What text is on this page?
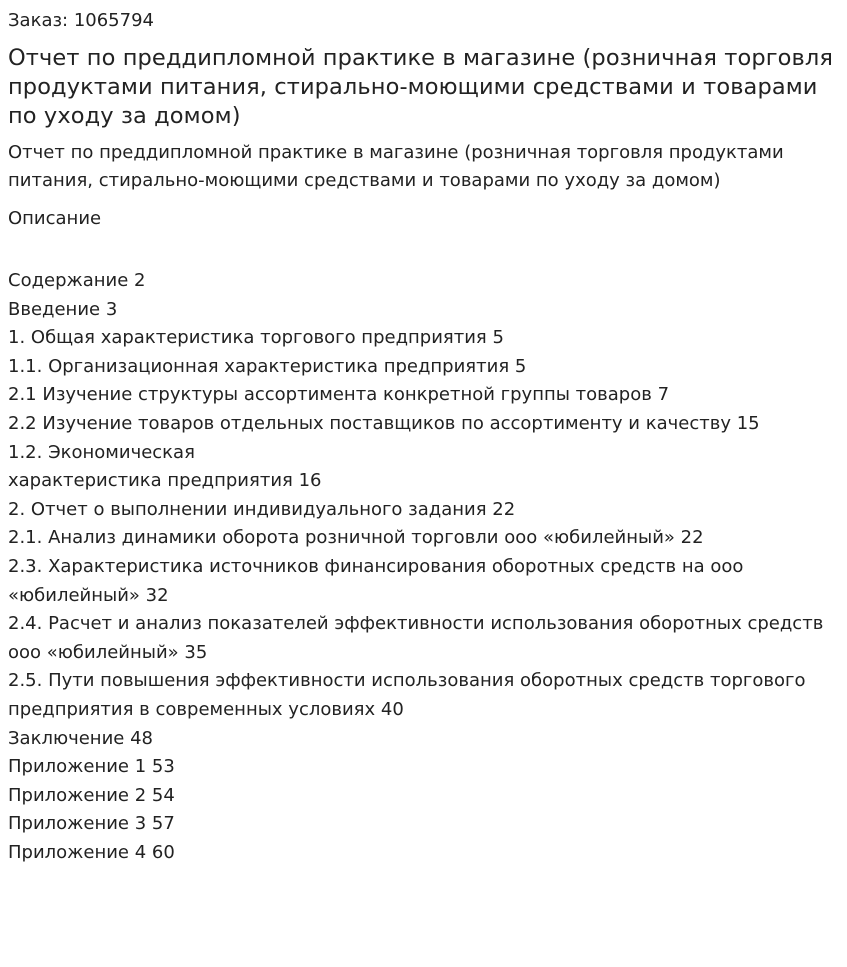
Заказ: 1065794
Отчет по преддипломной практике в магазине (розничная торговля продуктами питания, стирально-моющими средствами и товарами по уходу за домом)
Отчет по преддипломной практике в магазине (розничная торговля продуктами питания, стирально-моющими средствами и товарами по уходу за домом)
Описание
Содержание 2
Введение 3
1. Общая характеристика торгового предприятия 5
1.1. Организационная характеристика предприятия 5
2.1 Изучение структуры ассортимента конкретной группы товаров 7
2.2 Изучение товаров отдельных поставщиков по ассортименту и качеству 15
1.2. Экономическая
характеристика предприятия 16
2. Отчет о выполнении индивидуального задания 22
2.1. Анализ динамики оборота розничной торговли ооо «юбилейный» 22
2.3. Характеристика источников финансирования оборотных средств на ооо «юбилейный» 32
2.4. Расчет и анализ показателей эффективности использования оборотных средств ооо «юбилейный» 35
2.5. Пути повышения эффективности использования оборотных средств торгового предприятия в современных условиях 40
Заключение 48
Приложение 1 53
Приложение 2 54
Приложение 3 57
Приложение 4 60
